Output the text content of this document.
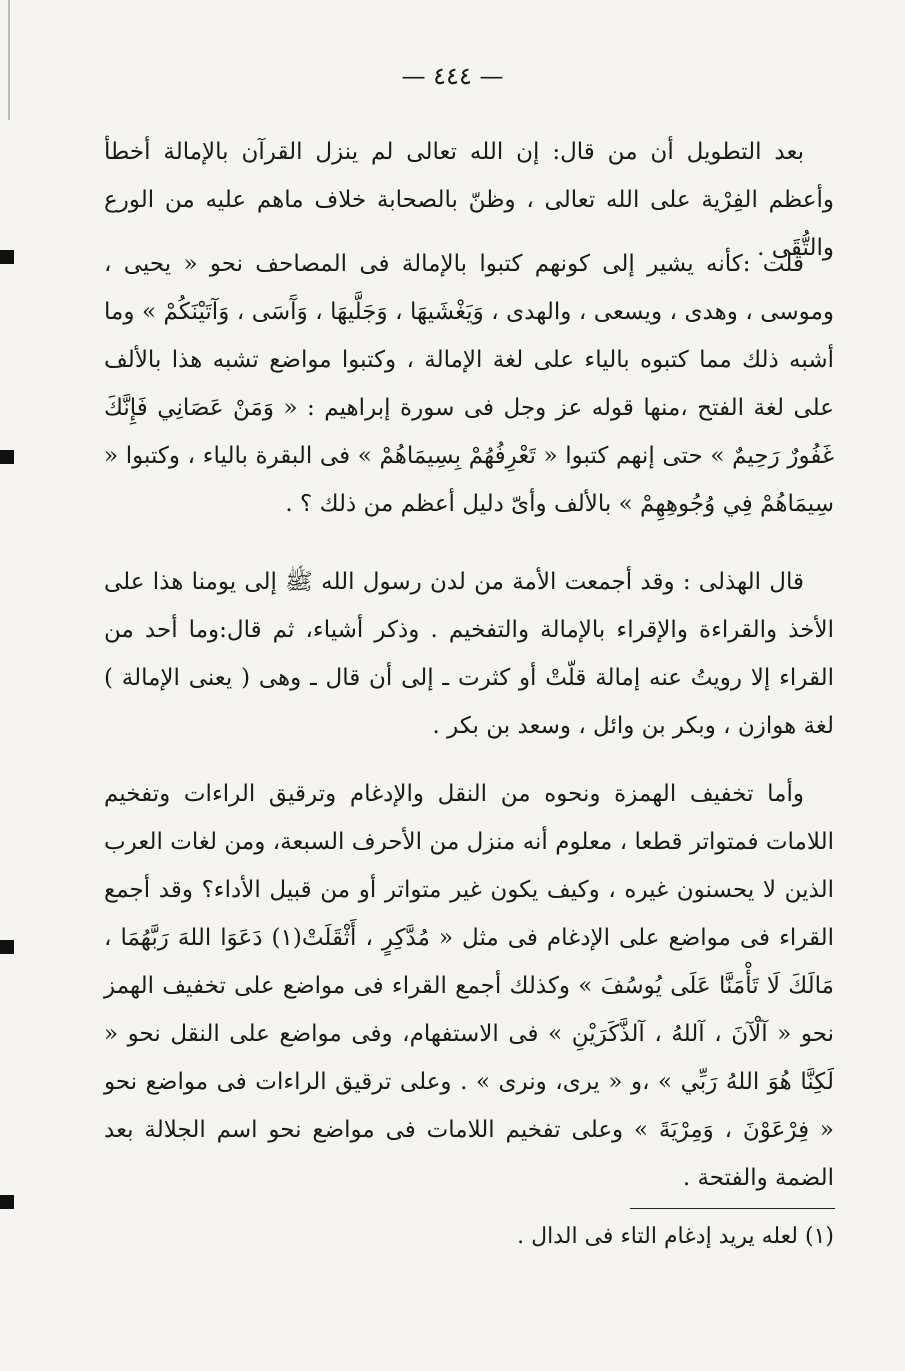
— ٤٤٤ —

بعد التطويل أن من قال: إن الله تعالى لم ينزل القرآن بالإمالة أخطأ وأعظم الفِرْية على الله تعالى ، وظنّ بالصحابة خلاف ماهم عليه من الورع والتُّقَى .

قلت :كأنه يشير إلى كونهم كتبوا بالإمالة فى المصاحف نحو « يحيى ، وموسى ، وهدى ، ويسعى ، والهدى ، وَيَغْشَيهَا ، وَجَلَّيهَا ، وَآَسَى ، وَآتَيْنَكُمْ » وما أشبه ذلك مما كتبوه بالياء على لغة الإمالة ، وكتبوا مواضع تشبه هذا بالألف على لغة الفتح ،منها قوله عز وجل فى سورة إبراهيم : « وَمَنْ عَصَانِي فَإِنَّكَ غَفُورٌ رَحِيمٌ » حتى إنهم كتبوا « تَعْرِفُهُمْ بِسِيمَاهُمْ » فى البقرة بالياء ، وكتبوا « سِيمَاهُمْ فِي وُجُوهِهِمْ » بالألف وأىّ دليل أعظم من ذلك ؟ .

قال الهذلى : وقد أجمعت الأمة من لدن رسول الله ﷺ إلى يومنا هذا على الأخذ والقراءة والإقراء بالإمالة والتفخيم . وذكر أشياء، ثم قال:وما أحد من القراء إلا رويتُ عنه إمالة قلّتْ أو كثرت ـ إلى أن قال ـ وهى ( يعنى الإمالة ) لغة هوازن ، وبكر بن وائل ، وسعد بن بكر .

وأما تخفيف الهمزة ونحوه من النقل والإدغام وترقيق الراءات وتفخيم اللامات فمتواتر قطعا ، معلوم أنه منزل من الأحرف السبعة، ومن لغات العرب الذين لا يحسنون غيره ، وكيف يكون غير متواتر أو من قبيل الأداء؟ وقد أجمع القراء فى مواضع على الإدغام فى مثل « مُدَّكِرٍ ، أَثْقَلَتْ(١) دَعَوَا اللهَ رَبَّهُمَا ، مَالَكَ لَا تَأْمَنَّا عَلَى يُوسُفَ » وكذلك أجمع القراء فى مواضع على تخفيف الهمز نحو « آلْآنَ ، آللهُ ، آلذَّكَرَيْنِ » فى الاستفهام، وفى مواضع على النقل نحو « لَكِنَّا هُوَ اللهُ رَبِّي » ،و « يرى، ونرى » . وعلى ترقيق الراءات فى مواضع نحو « فِرْعَوْنَ ، وَمِرْيَةَ » وعلى تفخيم اللامات فى مواضع نحو اسم الجلالة بعد الضمة والفتحة .

(١) لعله يريد إدغام التاء فى الدال .
